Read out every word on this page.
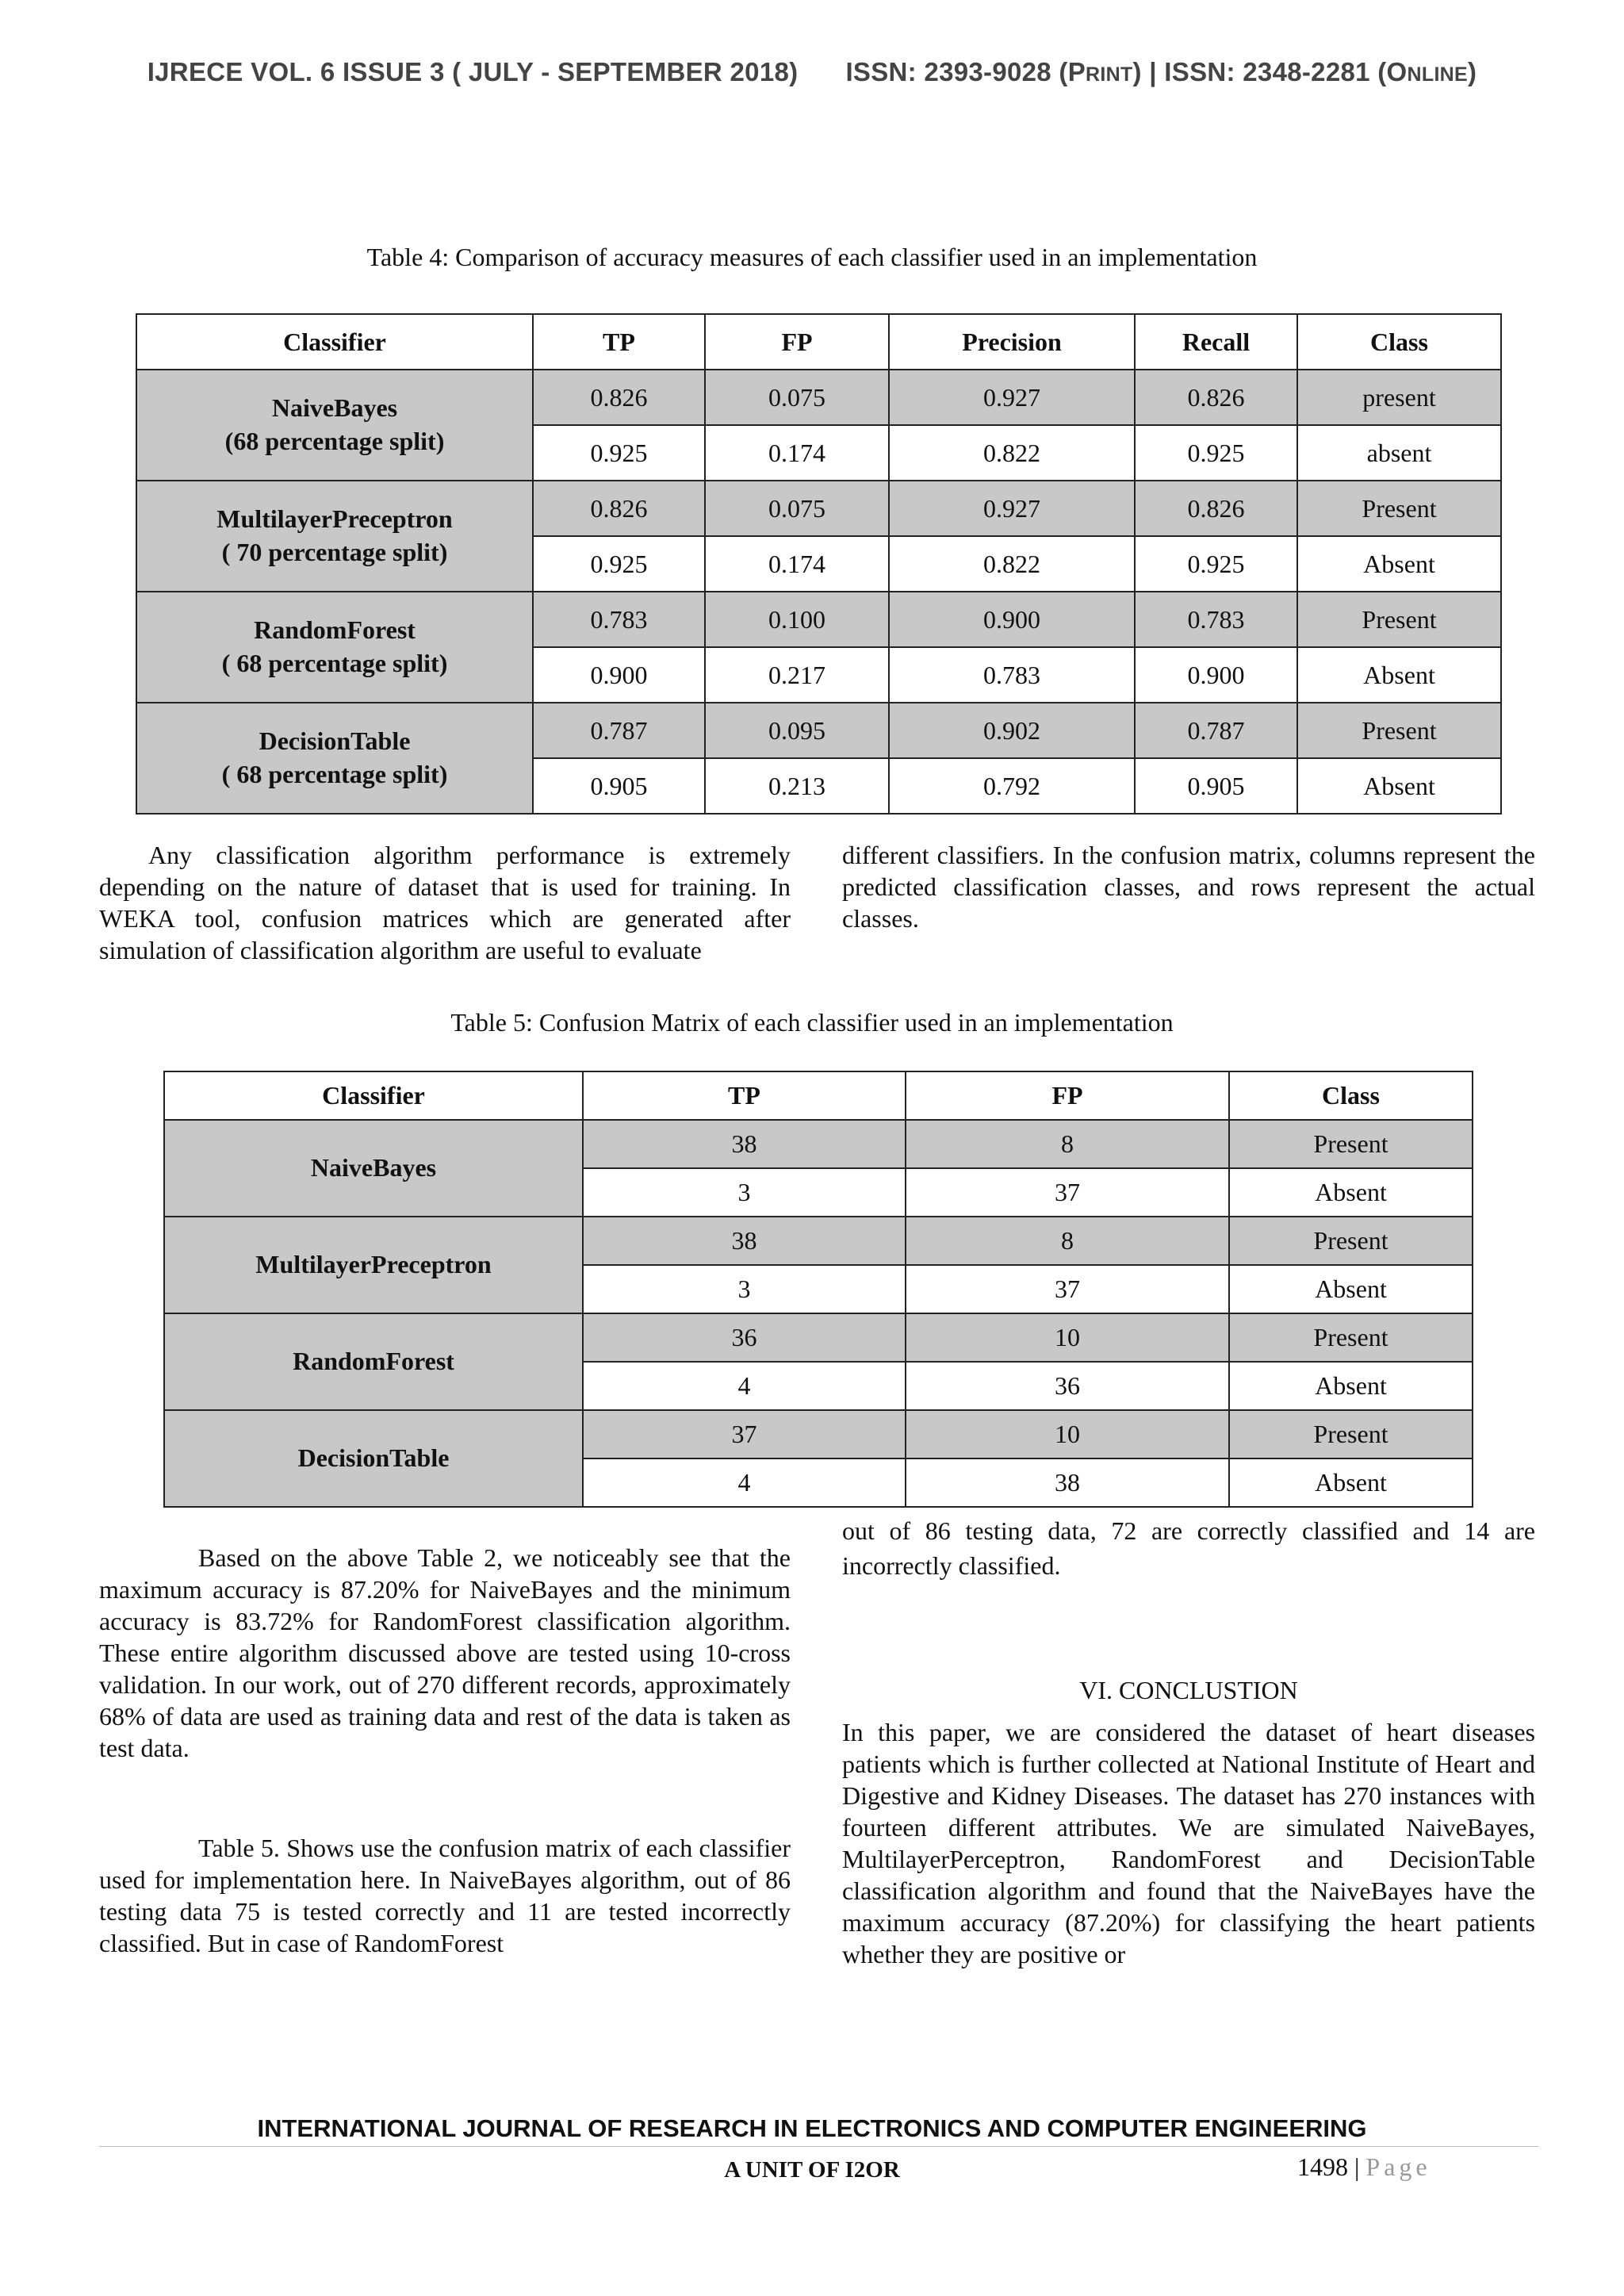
IJRECE VOL. 6 ISSUE 3 ( JULY - SEPTEMBER 2018) ISSN: 2393-9028 (PRINT) | ISSN: 2348-2281 (ONLINE)
Table 4: Comparison of accuracy measures of each classifier used in an implementation
Classifier	TP	FP	Precision	Recall	Class

NaiveBayes
(68 percentage split)	0.826	0.075	0.927	0.826	present
	0.925	0.174	0.822	0.925	absent

MultilayerPreceptron
( 70 percentage split)	0.826	0.075	0.927	0.826	Present
	0.925	0.174	0.822	0.925	Absent

RandomForest
( 68 percentage split)	0.783	0.100	0.900	0.783	Present
	0.900	0.217	0.783	0.900	Absent

DecisionTable
( 68 percentage split)	0.787	0.095	0.902	0.787	Present
	0.905	0.213	0.792	0.905	Absent

Any classification algorithm performance is extremely depending on the nature of dataset that is used for training. In WEKA tool, confusion matrices which are generated after simulation of classification algorithm are useful to evaluate

different classifiers. In the confusion matrix, columns represent the predicted classification classes, and rows represent the actual classes.

Table 5: Confusion Matrix of each classifier used in an implementation
Classifier	TP	FP	Class

NaiveBayes	38	8	Present
	3	37	Absent

MultilayerPreceptron	38	8	Present
	3	37	Absent

RandomForest	36	10	Present
	4	36	Absent

DecisionTable	37	10	Present
	4	38	Absent

Based on the above Table 2, we noticeably see that the maximum accuracy is 87.20% for NaiveBayes and the minimum accuracy is 83.72% for RandomForest classification algorithm. These entire algorithm discussed above are tested using 10-cross validation. In our work, out of 270 different records, approximately 68% of data are used as training data and rest of the data is taken as test data.

Table 5. Shows use the confusion matrix of each classifier used for implementation here. In NaiveBayes algorithm, out of 86 testing data 75 is tested correctly and 11 are tested incorrectly classified. But in case of RandomForest

out of 86 testing data, 72 are correctly classified and 14 are incorrectly classified.

VI. CONCLUSTION

In this paper, we are considered the dataset of heart diseases patients which is further collected at National Institute of Heart and Digestive and Kidney Diseases. The dataset has 270 instances with fourteen different attributes. We are simulated NaiveBayes, MultilayerPerceptron, RandomForest and DecisionTable classification algorithm and found that the NaiveBayes have the maximum accuracy (87.20%) for classifying the heart patients whether they are positive or

INTERNATIONAL JOURNAL OF RESEARCH IN ELECTRONICS AND COMPUTER ENGINEERING
A UNIT OF I2OR	1498 | Page
